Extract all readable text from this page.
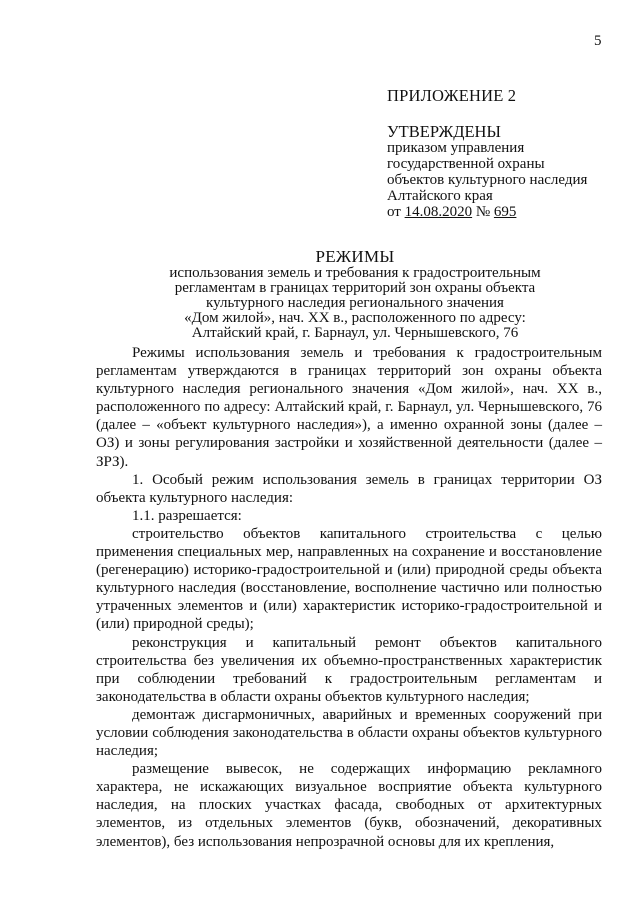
5
ПРИЛОЖЕНИЕ 2
УТВЕРЖДЕНЫ
приказом управления
государственной охраны
объектов культурного наследия
Алтайского края
от 14.08.2020 № 695
РЕЖИМЫ
использования земель и требования к градостроительным
регламентам в границах территорий зон охраны объекта
культурного наследия регионального значения
«Дом жилой», нач. XX в., расположенного по адресу:
Алтайский край, г. Барнаул, ул. Чернышевского, 76

Режимы использования земель и требования к градостроительным регламентам утверждаются в границах территорий зон охраны объекта культурного наследия регионального значения «Дом жилой», нач. XX в., расположенного по адресу: Алтайский край, г. Барнаул, ул. Чернышевского, 76 (далее – «объект культурного наследия»), а именно охранной зоны (далее – ОЗ) и зоны регулирования застройки и хозяйственной деятельности (далее – ЗРЗ).

1. Особый режим использования земель в границах территории ОЗ объекта культурного наследия:

1.1. разрешается:

строительство объектов капитального строительства с целью применения специальных мер, направленных на сохранение и восстановление (регенерацию) историко-градостроительной и (или) природной среды объекта культурного наследия (восстановление, восполнение частично или полностью утраченных элементов и (или) характеристик историко-градостроительной и (или) природной среды);

реконструкция и капитальный ремонт объектов капитального строительства без увеличения их объемно-пространственных характеристик при соблюдении требований к градостроительным регламентам и законодательства в области охраны объектов культурного наследия;

демонтаж дисгармоничных, аварийных и временных сооружений при условии соблюдения законодательства в области охраны объектов культурного наследия;

размещение вывесок, не содержащих информацию рекламного характера, не искажающих визуальное восприятие объекта культурного наследия, на плоских участках фасада, свободных от архитектурных элементов, из отдельных элементов (букв, обозначений, декоративных элементов), без использования непрозрачной основы для их крепления,
